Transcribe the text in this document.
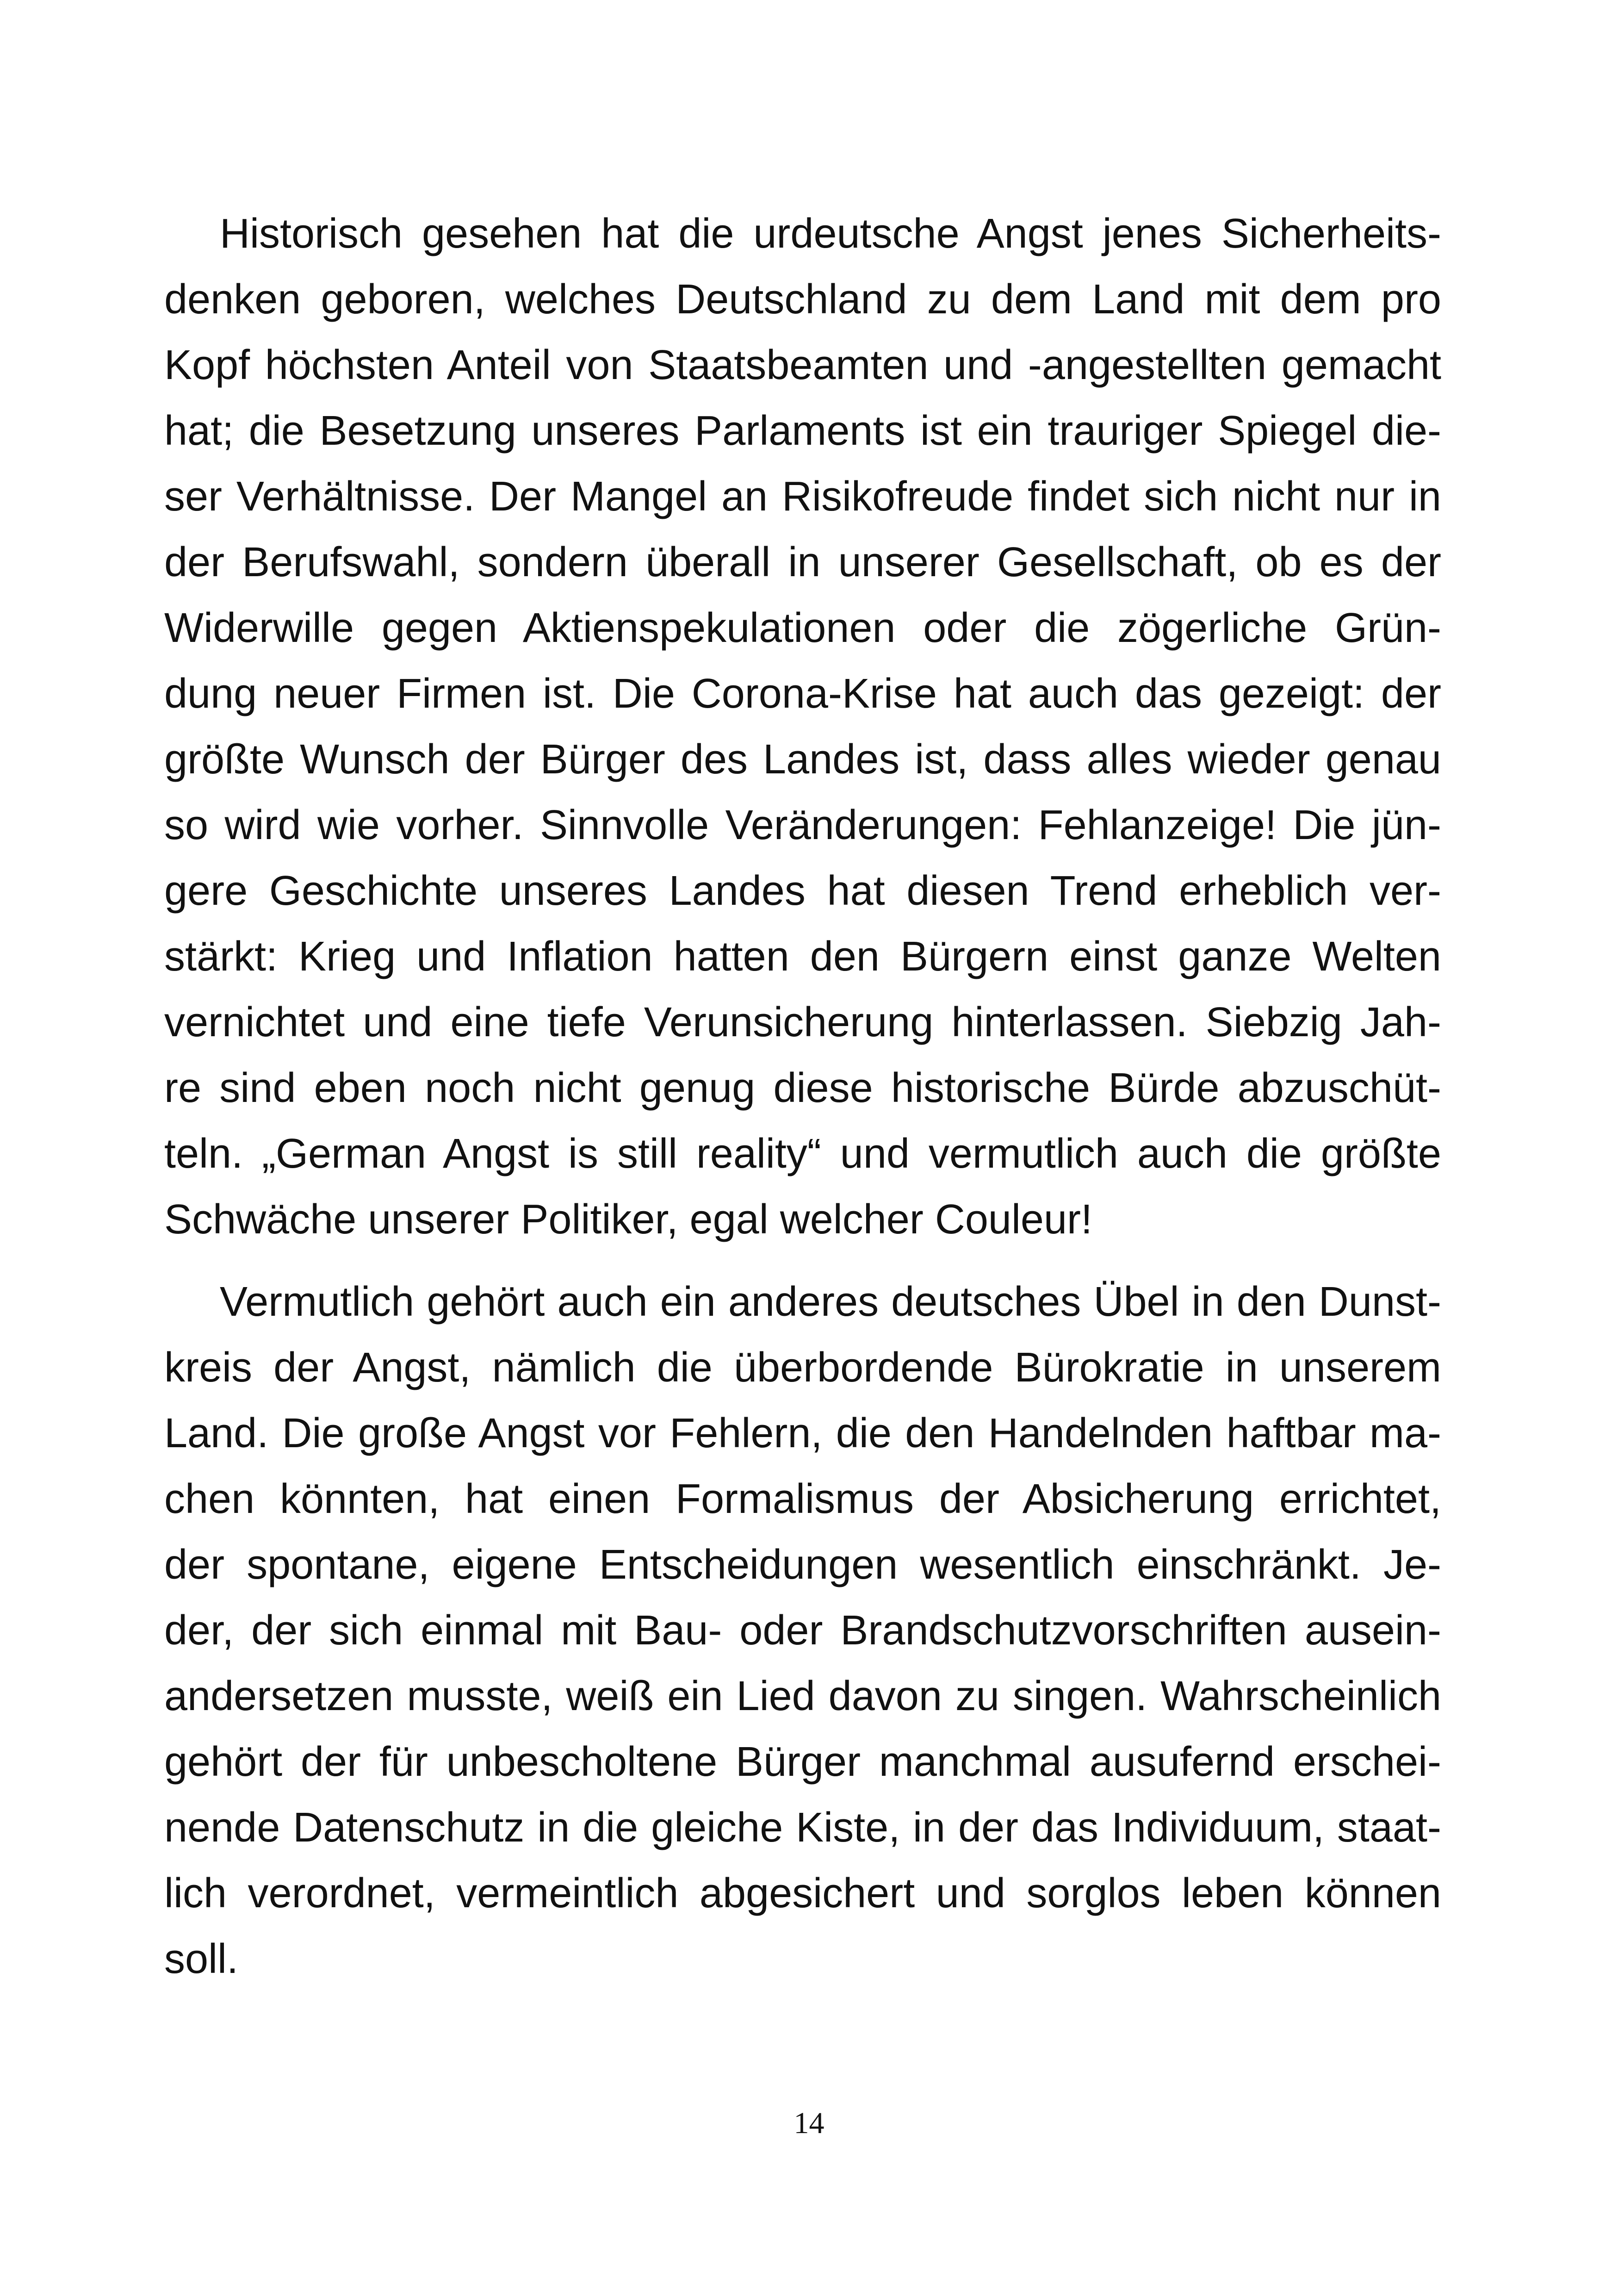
Historisch gesehen hat die urdeutsche Angst jenes Sicherheits-
denken geboren, welches Deutschland zu dem Land mit dem pro
Kopf höchsten Anteil von Staatsbeamten und -angestellten gemacht
hat; die Besetzung unseres Parlaments ist ein trauriger Spiegel die-
ser Verhältnisse. Der Mangel an Risikofreude findet sich nicht nur in
der Berufswahl, sondern überall in unserer Gesellschaft, ob es der
Widerwille gegen Aktienspekulationen oder die zögerliche Grün-
dung neuer Firmen ist. Die Corona-Krise hat auch das gezeigt: der
größte Wunsch der Bürger des Landes ist, dass alles wieder genau
so wird wie vorher. Sinnvolle Veränderungen: Fehlanzeige! Die jün-
gere Geschichte unseres Landes hat diesen Trend erheblich ver-
stärkt: Krieg und Inflation hatten den Bürgern einst ganze Welten
vernichtet und eine tiefe Verunsicherung hinterlassen. Siebzig Jah-
re sind eben noch nicht genug diese historische Bürde abzuschüt-
teln. „German Angst is still reality“ und vermutlich auch die größte
Schwäche unserer Politiker, egal welcher Couleur!
Vermutlich gehört auch ein anderes deutsches Übel in den Dunst-
kreis der Angst, nämlich die überbordende Bürokratie in unserem
Land. Die große Angst vor Fehlern, die den Handelnden haftbar ma-
chen könnten, hat einen Formalismus der Absicherung errichtet,
der spontane, eigene Entscheidungen wesentlich einschränkt. Je-
der, der sich einmal mit Bau- oder Brandschutzvorschriften ausein-
andersetzen musste, weiß ein Lied davon zu singen. Wahrscheinlich
gehört der für unbescholtene Bürger manchmal ausufernd erschei-
nende Datenschutz in die gleiche Kiste, in der das Individuum, staat-
lich verordnet, vermeintlich abgesichert und sorglos leben können
soll.
14
